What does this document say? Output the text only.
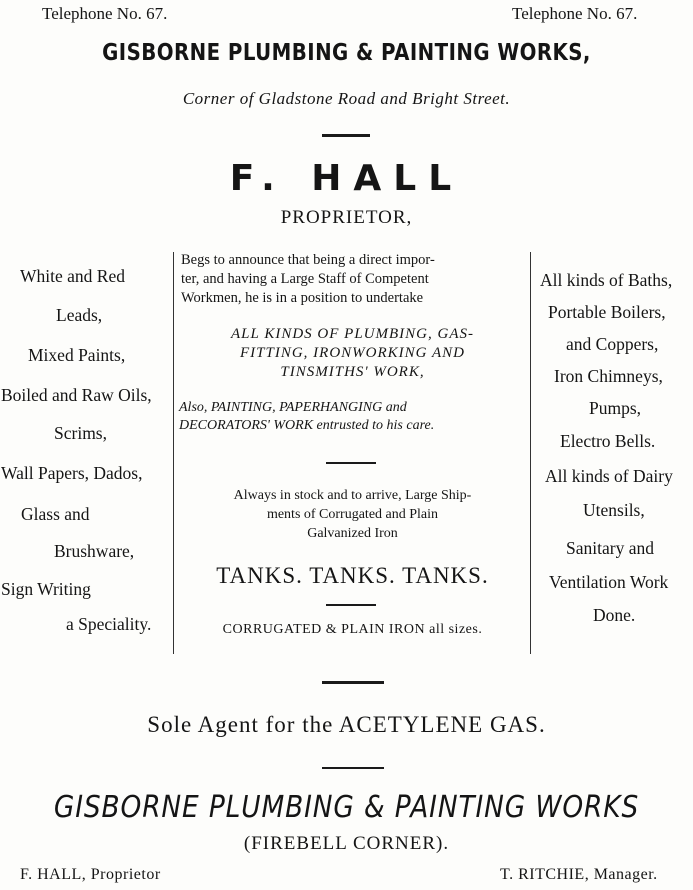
Telephone No. 67.	Telephone No. 67.
GISBORNE PLUMBING & PAINTING WORKS,
Corner of Gladstone Road and Bright Street.
F. HALL
PROPRIETOR,
White and Red
Leads,
Mixed Paints,
Boiled and Raw Oils,
Scrims,
Wall Papers, Dados,
Glass and
Brushware,
Sign Writing
a Speciality.
Begs to announce that being a direct impor-
ter, and having a Large Staff of Competent
Workmen, he is in a position to undertake
ALL KINDS OF PLUMBING, GAS-
FITTING, IRONWORKING AND
TINSMITHS' WORK,
Also, PAINTING, PAPERHANGING and
DECORATORS' WORK entrusted to his care.
Always in stock and to arrive, Large Ship-
ments of Corrugated and Plain
Galvanized Iron
TANKS. TANKS. TANKS.
CORRUGATED & PLAIN IRON all sizes.
All kinds of Baths,
Portable Boilers,
and Coppers,
Iron Chimneys,
Pumps,
Electro Bells.
All kinds of Dairy
Utensils,
Sanitary and
Ventilation Work
Done.
Sole Agent for the ACETYLENE GAS.
GISBORNE PLUMBING & PAINTING WORKS
(FIREBELL CORNER).
F. HALL, Proprietor	T. RITCHIE, Manager.
